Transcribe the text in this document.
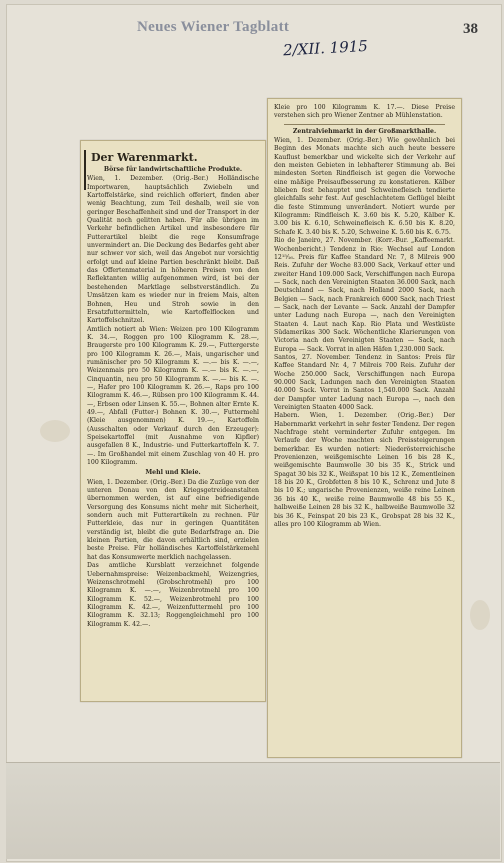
Neues Wiener Tagblatt	38
2/XII. 1915
Der Warenmarkt.
Börse für landwirtschaftliche Produkte.

Wien, 1. Dezember. (Orig.-Ber.) Holländische Importwaren, hauptsächlich Zwiebeln und Kartoffelstärke, sind reichlich offeriert, finden aber wenig Beachtung, zum Teil deshalb, weil sie von geringer Beschaffenheit sind und der Transport in der Qualität noch gelitten haben. Für alle übrigen im Verkehr befindlichen Artikel und insbesondere für Futterartikel bleibt die rege Konsumfrage unvermindert an. Die Deckung des Bedarfes geht aber nur schwer vor sich, weil das Angebot nur vorsichtig erfolgt und auf kleine Partien beschränkt bleibt. Daß das Offertenmaterial in höheren Preisen von den Reflektanten willig aufgenommen wird, ist bei der bestehenden Marktlage selbstverständlich. Zu Umsätzen kam es wieder nur in freiem Mais, alten Bohnen, Heu und Stroh sowie in den Ersatzfuttermitteln, wie Kartoffelflocken und Kartoffelschnitzel.

Amtlich notiert ab Wien: Weizen pro 100 Kilogramm K. 34.—, Roggen pro 100 Kilogramm K. 28.—, Braugerste pro 100 Kilogramm K. 29.—, Futtergerste pro 100 Kilogramm K. 26.—, Mais, ungarischer und rumänischer pro 50 Kilogramm K. —.— bis K. —.—, Weizenmais pro 50 Kilogramm K. —.— bis K. —.—, Cinquantin, neu pro 50 Kilogramm K. —.— bis K. —.—, Hafer pro 100 Kilogramm K. 26.—, Raps pro 100 Kilogramm K. 46.—, Rübsen pro 100 Kilogramm K. 44.—, Erbsen oder Linsen K. 55.—, Bohnen alter Ernte K. 49.—, Abfall (Futter-) Bohnen K. 30.—, Futtermehl (Kleie ausgenommen) K. 19.—, Kartoffeln (Ausschalten oder Verkauf durch den Erzeuger): Speisekartoffel (mit Ausnahme von Kipfler) ausgefallen 8 K., Industrie- und Futterkartoffeln K. 7.—. Im Großhandel mit einem Zuschlag von 40 H. pro 100 Kilogramm.

Mehl und Kleie.

Wien, 1. Dezember. (Orig.-Ber.) Da die Zuzüge von der unteren Donau von den Kriegsgetreideanstalten übernommen werden, ist auf eine befriedigende Versorgung des Konsums nicht mehr mit Sicherheit, sondern auch mit Futterartikeln zu rechnen. Für Futterkleie, das nur in geringen Quantitäten verständig ist, bleibt die gute Bedarfsfrage an. Die kleinen Partien, die davon erhältlich sind, erzielen beste Preise. Für holländisches Kartoffelstärkemehl hat das Konsumwerte merklich nachgelassen.

Das amtliche Kursblatt verzeichnet folgende Uebernahmspreise: Weizenbackmehl, Weizengries, Weizenschrotmehl (Grobschrotmehl) pro 100 Kilogramm K. —.—, Weizenbrotmehl pro 100 Kilogramm K. 52.—, Weizenbrotmehl pro 100 Kilogramm K. 42.—, Weizenfuttermehl pro 100 Kilogramm K. 32.13; Roggengleichmehl pro 100 Kilogramm K. 42.—.

Kleie pro 100 Kilogramm K. 17.—. Diese Preise verstehen sich pro Wiener Zentner ab Mühlenstation.

Zentralviehmarkt in der Großmarkthalle.

Wien, 1. Dezember. (Orig.-Ber.) Wie gewöhnlich bei Beginn des Monats machte sich auch heute bessere Kauflust bemerkbar und wickelte sich der Verkehr auf den meisten Gebieten in lebhafterer Stimmung ab. Bei mindesten Sorten Rindfleisch ist gegen die Vorwoche eine mäßige Preisaufbesserung zu konstatieren. Kälber blieben fest behauptet und Schweinefleisch tendierte gleichfalls sehr fest. Auf geschlachtetem Geflügel bleibt die feste Stimmung unverändert. Notiert wurde per Kilogramm: Rindfleisch K. 3.60 bis K. 5.20, Kälber K. 3.00 bis K. 6.10, Schweinefleisch K. 6.50 bis K. 8.20, Schafe K. 3.40 bis K. 5.20, Schweine K. 5.60 bis K. 6.75.

Rio de Janeiro, 27. November. (Korr.-Bur. „Kaffeemarkt. Wochenbericht.) Tendenz in Rio: Wechsel auf London 12¹⁵⁄₁₆. Preis für Kaffee Standard Nr. 7, 8 Milreis 900 Reis. Zufuhr der Woche 83.000 Sack, Verkauf etter und zweiter Hand 109.000 Sack, Verschiffungen nach Europa — Sack, nach den Vereinigten Staaten 36.000 Sack, nach Deutschland — Sack, nach Holland 2000 Sack, nach Belgien — Sack, nach Frankreich 6000 Sack, nach Triest — Sack, nach der Levante — Sack. Anzahl der Dampfer unter Ladung nach Europa —, nach den Vereinigten Staaten 4. Laut nach Kap. Rio Plata und Westküste Südamerikas 300 Sack. Wöchentliche Klarierungen von Victoria nach den Vereinigten Staaten — Sack, nach Europa — Sack. Vorrat in allen Häfen 1,230.000 Sack.

Santos, 27. November. Tendenz in Santos: Preis für Kaffee Standard Nr. 4, 7 Milreis 700 Reis. Zufuhr der Woche 250.000 Sack, Verschiffungen nach Europa 90.000 Sack, Ladungen nach den Vereinigten Staaten 40.000 Sack. Vorrat in Santos 1,540.000 Sack. Anzahl der Dampfer unter Ladung nach Europa —, nach den Vereinigten Staaten 4000 Sack.

Habern. Wien, 1. Dezember. (Orig.-Ber.) Der Habernmarkt verkehrt in sehr fester Tendenz. Der regen Nachfrage steht verminderter Zufuhr entgegen. Im Verlaufe der Woche machten sich Preissteigerungen bemerkbar. Es wurden notiert: Niederösterreichische Provenienzen, weißgemischte Leinen 16 bis 28 K., weißgemischte Baumwolle 30 bis 35 K., Strick und Spagat 30 bis 32 K., Weißspat 10 bis 12 K., Zementleinen 18 bis 20 K., Grobfetten 8 bis 10 K., Schrenz und Jute 8 bis 10 K.; ungarische Provenienzen, weiße reine Leinen 36 bis 40 K., weiße reine Baumwolle 48 bis 55 K., halbweiße Leinen 28 bis 32 K., halbweiße Baumwolle 32 bis 36 K., Feinspat 20 bis 23 K., Grobspat 28 bis 32 K., alles pro 100 Kilogramm ab Wien.
